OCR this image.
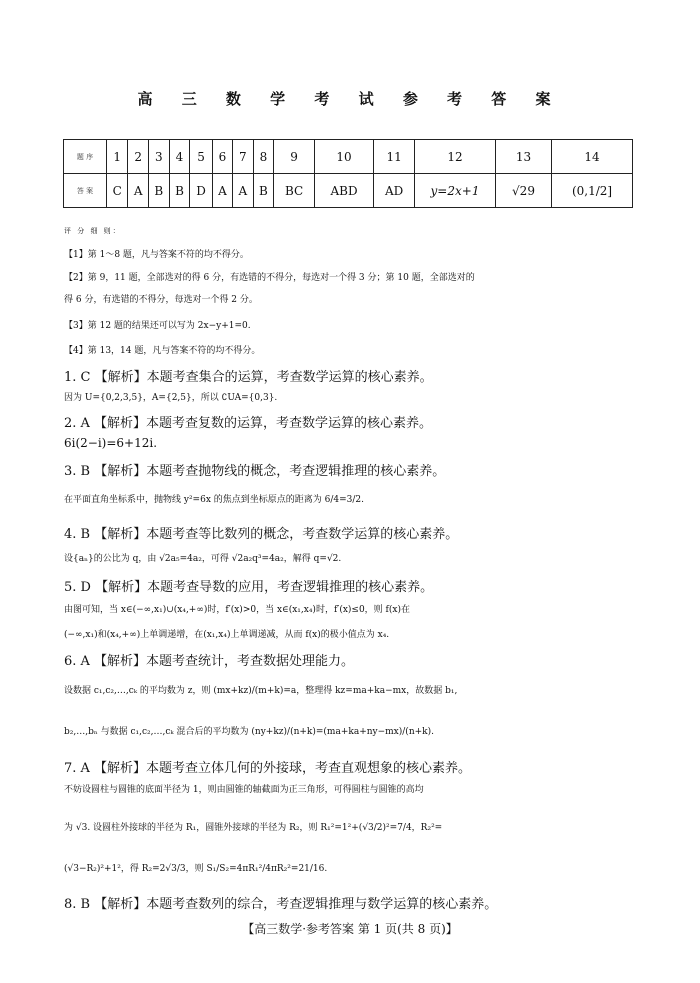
高 三 数 学 考 试 参 考 答 案
题 序	1	2	3	4	5	6	7	8	9	10	11	12	13	14
答 案	C	A	B	B	D	A	A	B	BC	ABD	AD	y=2x+1	√29	(0,1/2]
评 分 细 则：
【1】第 1～8 题，凡与答案不符的均不得分。
【2】第 9，11 题，全部选对的得 6 分，有选错的不得分，每选对一个得 3 分；第 10 题，全部选对的
得 6 分，有选错的不得分，每选对一个得 2 分。
【3】第 12 题的结果还可以写为 2x−y+1=0.
【4】第 13，14 题，凡与答案不符的均不得分。
1. C 【解析】本题考查集合的运算，考查数学运算的核心素养。
因为 U={0,2,3,5}，A={2,5}，所以 ∁UA={0,3}.
2. A 【解析】本题考查复数的运算，考查数学运算的核心素养。
6i(2−i)=6+12i.
3. B 【解析】本题考查抛物线的概念，考查逻辑推理的核心素养。
在平面直角坐标系中，抛物线 y²=6x 的焦点到坐标原点的距离为 6/4=3/2.
4. B 【解析】本题考查等比数列的概念，考查数学运算的核心素养。
设{aₙ}的公比为 q，由 √2a₅=4a₂，可得 √2a₂q³=4a₂，解得 q=√2.
5. D 【解析】本题考查导数的应用，考查逻辑推理的核心素养。
由图可知，当 x∈(−∞,x₁)∪(x₄,+∞)时，f′(x)>0，当 x∈(x₁,x₄)时，f′(x)≤0，则 f(x)在
(−∞,x₁)和(x₄,+∞)上单调递增，在(x₁,x₄)上单调递减，从而 f(x)的极小值点为 x₄.
6. A 【解析】本题考查统计，考查数据处理能力。
设数据 c₁,c₂,…,cₖ 的平均数为 z，则 (mx+kz)/(m+k)=a，整理得 kz=ma+ka−mx，故数据 b₁,
b₂,…,bₙ 与数据 c₁,c₂,…,cₖ 混合后的平均数为 (ny+kz)/(n+k)=(ma+ka+ny−mx)/(n+k).
7. A 【解析】本题考查立体几何的外接球，考查直观想象的核心素养。
不妨设圆柱与圆锥的底面半径为 1，则由圆锥的轴截面为正三角形，可得圆柱与圆锥的高均
为 √3. 设圆柱外接球的半径为 R₁，圆锥外接球的半径为 R₂，则 R₁²=1²+(√3/2)²=7/4，R₂²=
(√3−R₂)²+1²，得 R₂=2√3/3，则 S₁/S₂=4πR₁²/4πR₂²=21/16.
8. B 【解析】本题考查数列的综合，考查逻辑推理与数学运算的核心素养。
【高三数学·参考答案 第 1 页(共 8 页)】
